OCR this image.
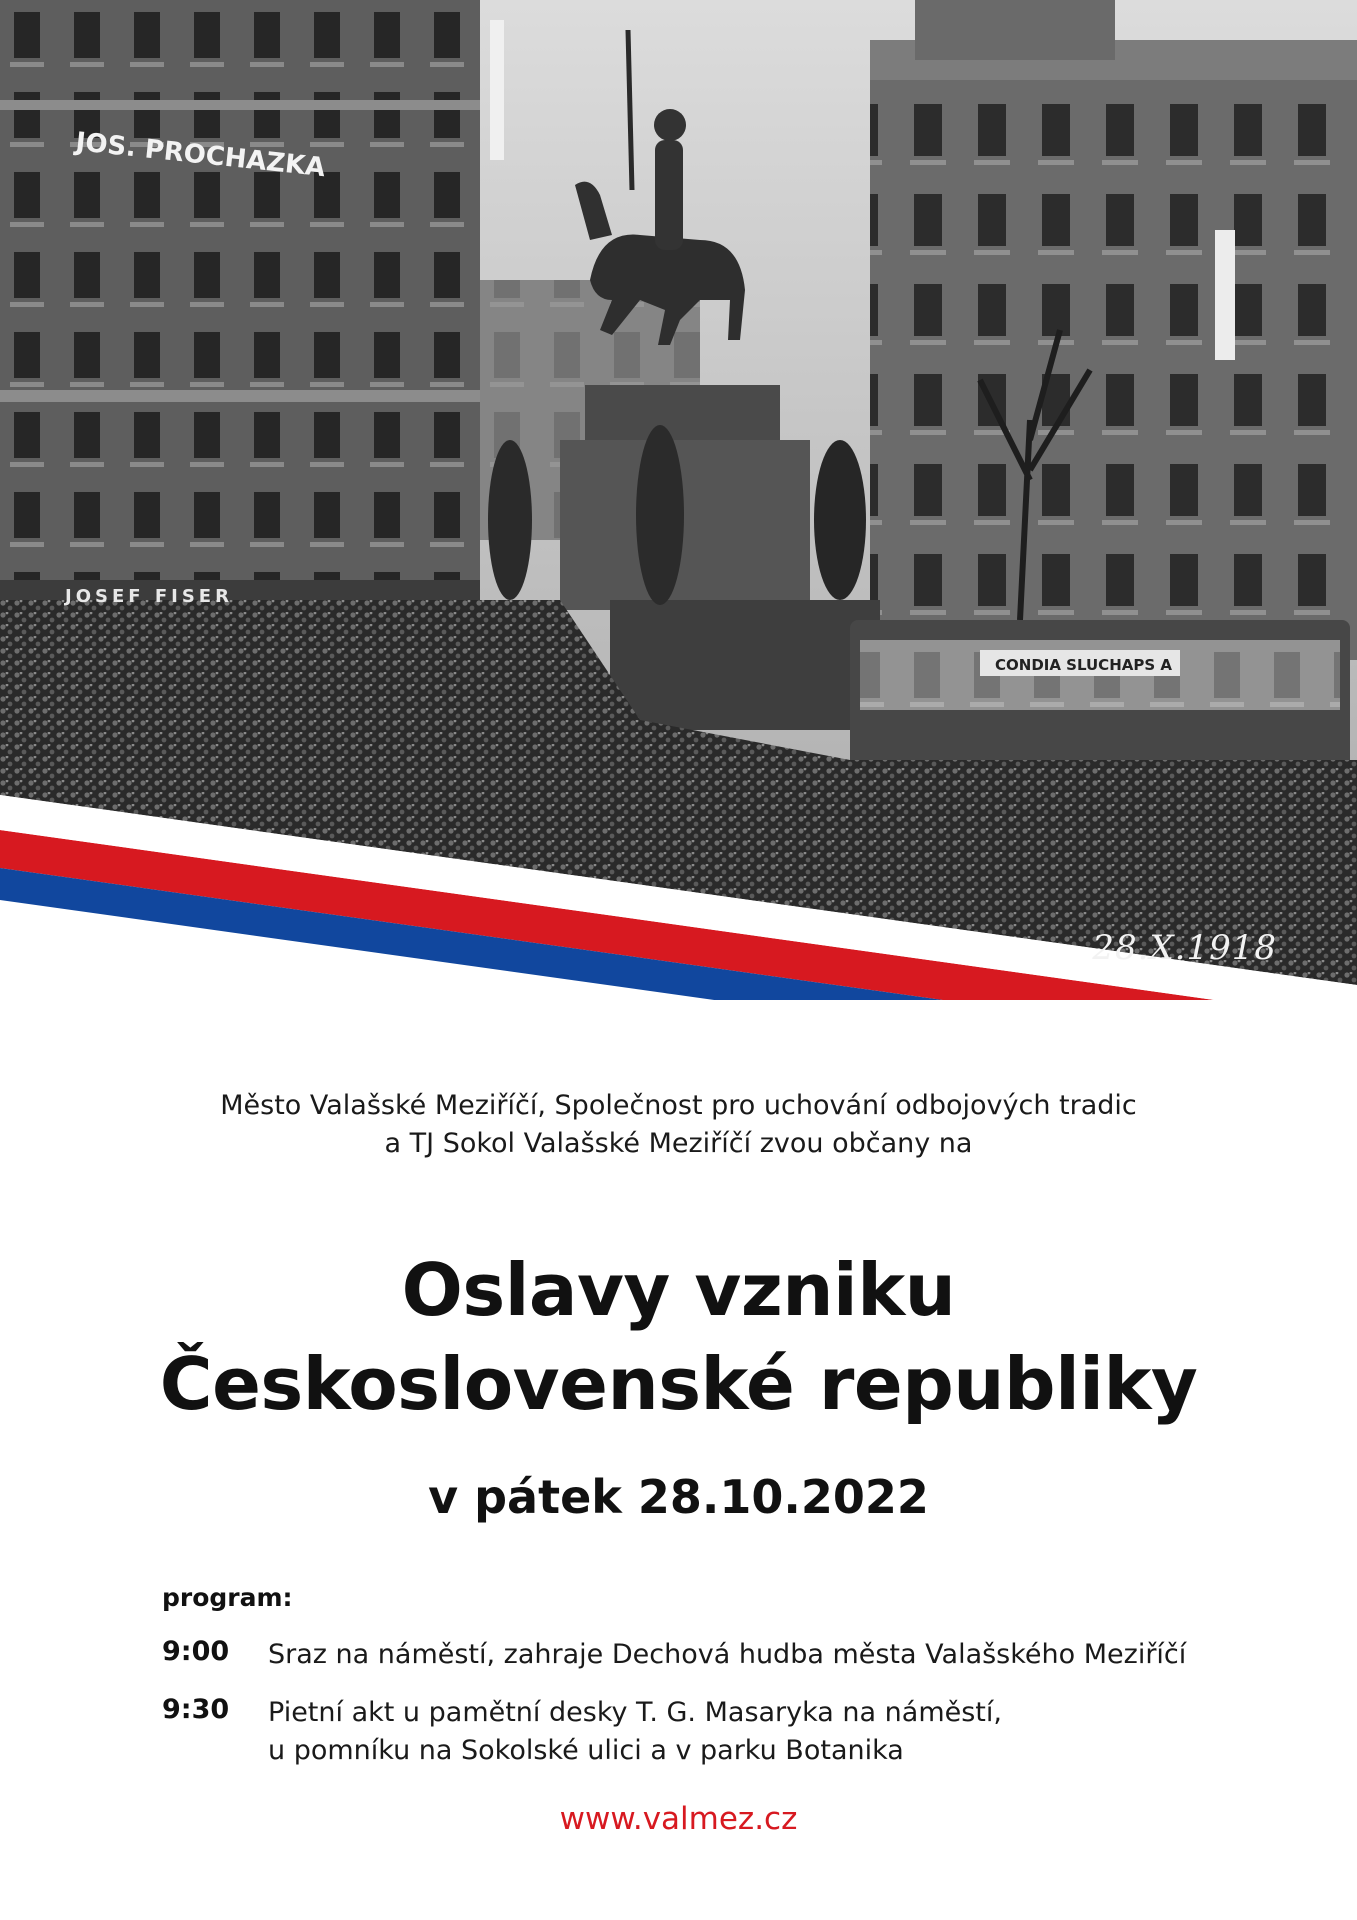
JOS. PROCHAZKA
JOSEF FISER
CONDIA SLUCHAPS A
28.X.1918
Město Valašské Meziříčí, Společnost pro uchování odbojových tradic
a TJ Sokol Valašské Meziříčí zvou občany na
Oslavy vzniku
Československé republiky
v pátek 28.10.2022
program:
9:00 Sraz na náměstí, zahraje Dechová hudba města Valašského Meziříčí
9:30 Pietní akt u pamětní desky T. G. Masaryka na náměstí,
u pomníku na Sokolské ulici a v parku Botanika
www.valmez.cz
